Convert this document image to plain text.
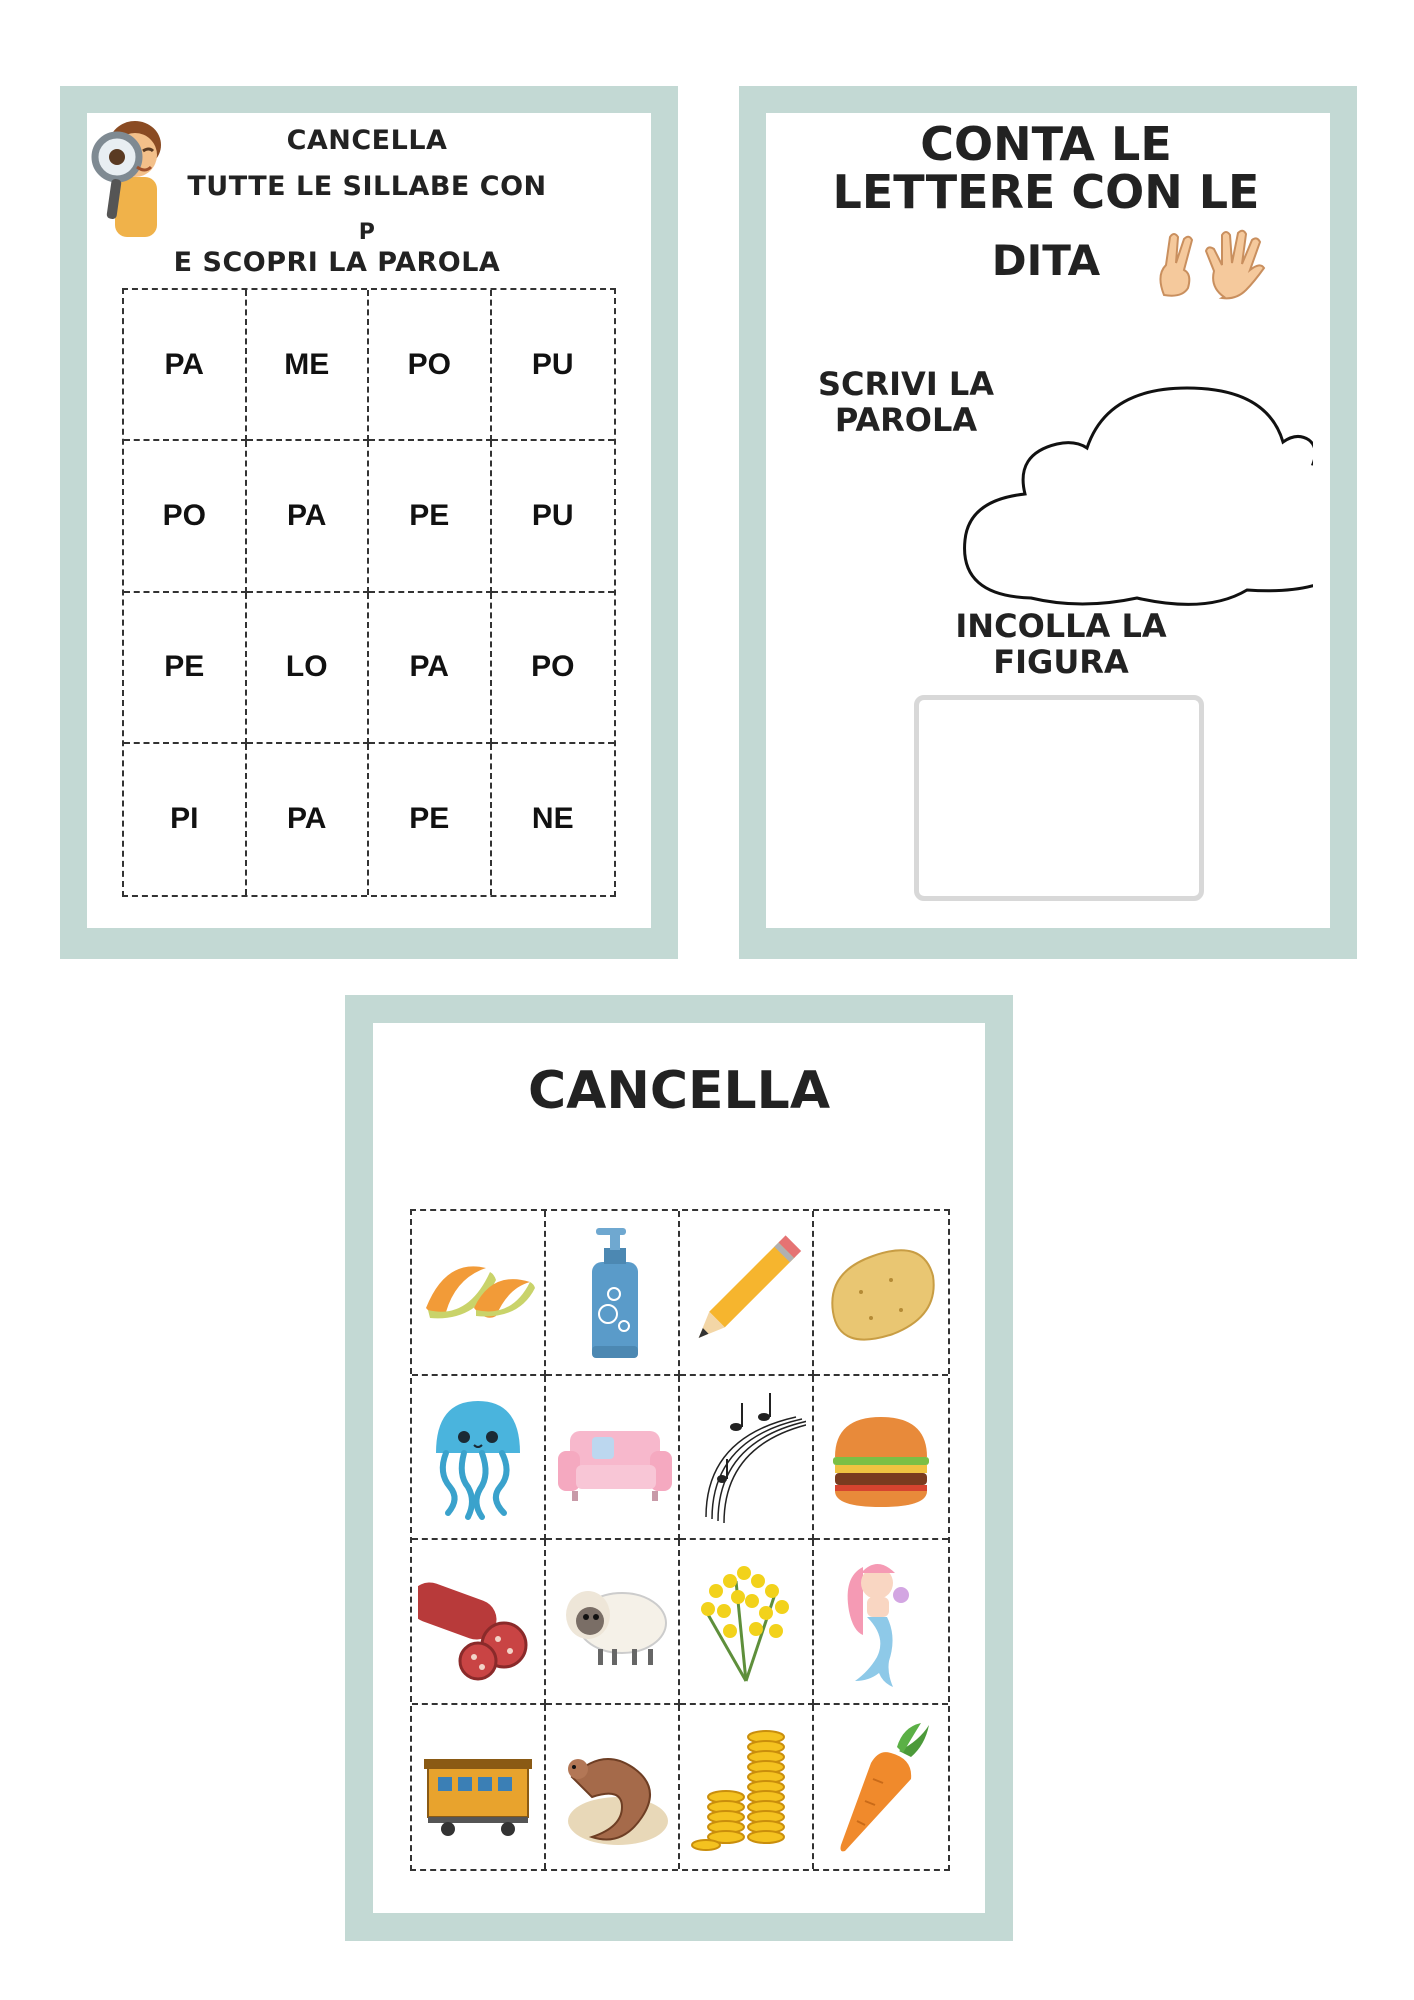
CANCELLA
TUTTE LE SILLABE CON
P
E SCOPRI LA PAROLA
PA	ME	PO	PU
PO	PA	PE	PU
PE	LO	PA	PO
PI	PA	PE	NE
CONTA LE
LETTERE CON LE
DITA
SCRIVI LA
PAROLA
INCOLLA LA
FIGURA
CANCELLA
